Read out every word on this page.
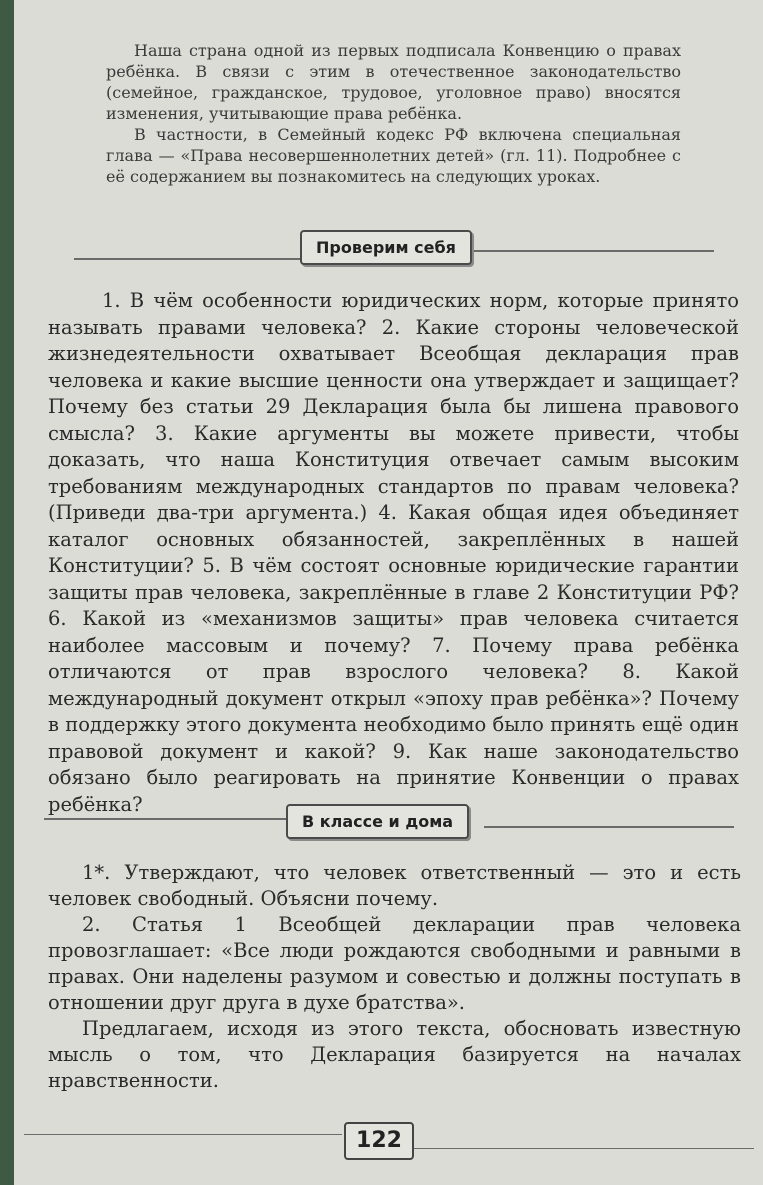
Наша страна одной из первых подписала Конвенцию о правах ребёнка. В связи с этим в отечественное законодательство (семейное, гражданское, трудовое, уголовное право) вносятся изменения, учитывающие права ребёнка.

В частности, в Семейный кодекс РФ включена специальная глава — «Права несовершеннолетних детей» (гл. 11). Подробнее с её содержанием вы познакомитесь на следующих уроках.

Проверим себя

1. В чём особенности юридических норм, которые принято называть правами человека? 2. Какие стороны человеческой жизнедеятельности охватывает Всеобщая декларация прав человека и какие высшие ценности она утверждает и защищает? Почему без статьи 29 Декларация была бы лишена правового смысла? 3. Какие аргументы вы можете привести, чтобы доказать, что наша Конституция отвечает самым высоким требованиям международных стандартов по правам человека? (Приведи два-три аргумента.) 4. Какая общая идея объединяет каталог основных обязанностей, закреплённых в нашей Конституции? 5. В чём состоят основные юридические гарантии защиты прав человека, закреплённые в главе 2 Конституции РФ? 6. Какой из «механизмов защиты» прав человека считается наиболее массовым и почему? 7. Почему права ребёнка отличаются от прав взрослого человека? 8. Какой международный документ открыл «эпоху прав ребёнка»? Почему в поддержку этого документа необходимо было принять ещё один правовой документ и какой? 9. Как наше законодательство обязано было реагировать на принятие Конвенции о правах ребёнка?

В классе и дома

1*. Утверждают, что человек ответственный — это и есть человек свободный. Объясни почему.

2. Статья 1 Всеобщей декларации прав человека провозглашает: «Все люди рождаются свободными и равными в правах. Они наделены разумом и совестью и должны поступать в отношении друг друга в духе братства».

Предлагаем, исходя из этого текста, обосновать известную мысль о том, что Декларация базируется на началах нравственности.

122
